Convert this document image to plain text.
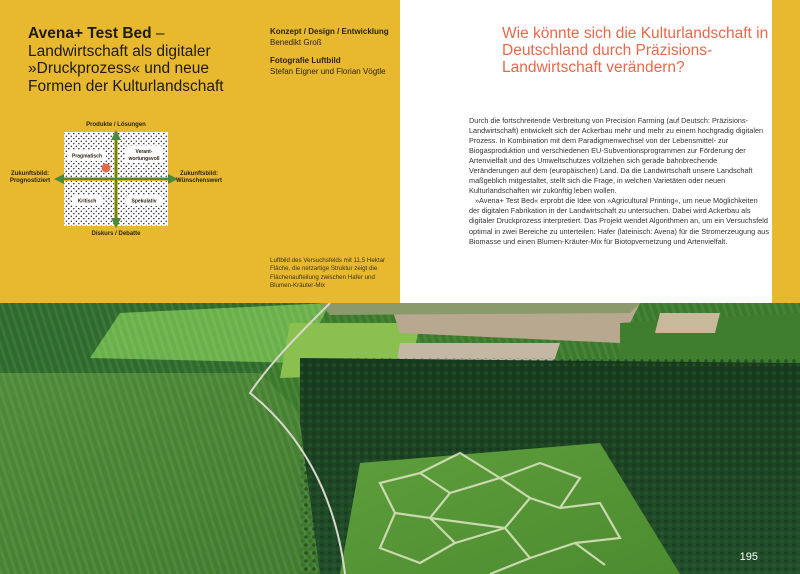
Avena+ Test Bed –
Landwirtschaft als digitaler »Druckprozess« und neue Formen der Kulturlandschaft
Konzept / Design / Entwicklung
Benedikt Groß
Fotografie Luftbild
Stefan Eigner und Florian Vögtle
Pragmatisch
Verant-
wortungsvoll
Kritisch	Spekulativ
Produkte / Lösungen
Diskurs / Debatte
Zukunftsbild:
Prognostiziert
Zukunftsbild:
Wünschenswert
Luftbild des Versuchsfelds mit 11,5 Hektar Fläche, die netzartige Struktur zeigt die Flächenaufteilung zwischen Hafer und Blumen-Kräuter-Mix
Wie könnte sich die Kulturlandschaft in Deutschland durch Präzisions-Landwirtschaft verändern?

Durch die fortschreitende Verbreitung von Precision Farming (auf Deutsch: Präzisions-Landwirtschaft) entwickelt sich der Ackerbau mehr und mehr zu einem hochgradig digitalen Prozess. In Kombination mit dem Paradigmenwechsel von der Lebensmittel- zur Biogasproduktion und verschiedenen EU-Subventionsprogrammen zur Förderung der Artenvielfalt und des Umweltschutzes vollziehen sich gerade bahnbrechende Veränderungen auf dem (europäischen) Land. Da die Landwirtschaft unsere Landschaft maßgeblich mitgestaltet, stellt sich die Frage, in welchen Varietäten oder neuen Kulturlandschaften wir zukünftig leben wollen.

»Avena+ Test Bed« erprobt die Idee von »Agricultural Printing«, um neue Möglichkeiten der digitalen Fabrikation in der Landwirtschaft zu untersuchen. Dabei wird Ackerbau als digitaler Druckprozess interpretiert. Das Projekt wendet Algorithmen an, um ein Versuchsfeld optimal in zwei Bereiche zu unterteilen: Hafer (lateinisch: Avena) für die Stromerzeugung aus Biomasse und einen Blumen-Kräuter-Mix für Biotopvernetzung und Artenvielfalt.

195
